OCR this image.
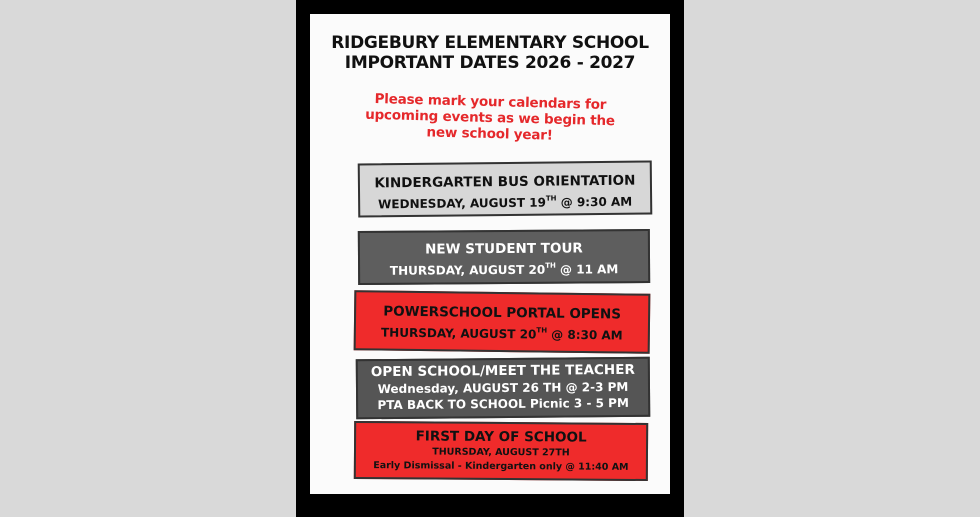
RIDGEBURY ELEMENTARY SCHOOL
IMPORTANT DATES 2026 - 2027
Please mark your calendars for
upcoming events as we begin the
new school year!
KINDERGARTEN BUS ORIENTATION
WEDNESDAY, AUGUST 19TH @ 9:30 AM
NEW STUDENT TOUR
THURSDAY, AUGUST 20TH @ 11 AM
POWERSCHOOL PORTAL OPENS
THURSDAY, AUGUST 20TH @ 8:30 AM
OPEN SCHOOL/MEET THE TEACHER
Wednesday, AUGUST 26 TH @ 2-3 PM
PTA BACK TO SCHOOL Picnic 3 - 5 PM
FIRST DAY OF SCHOOL
THURSDAY, AUGUST 27TH
Early Dismissal - Kindergarten only @ 11:40 AM
